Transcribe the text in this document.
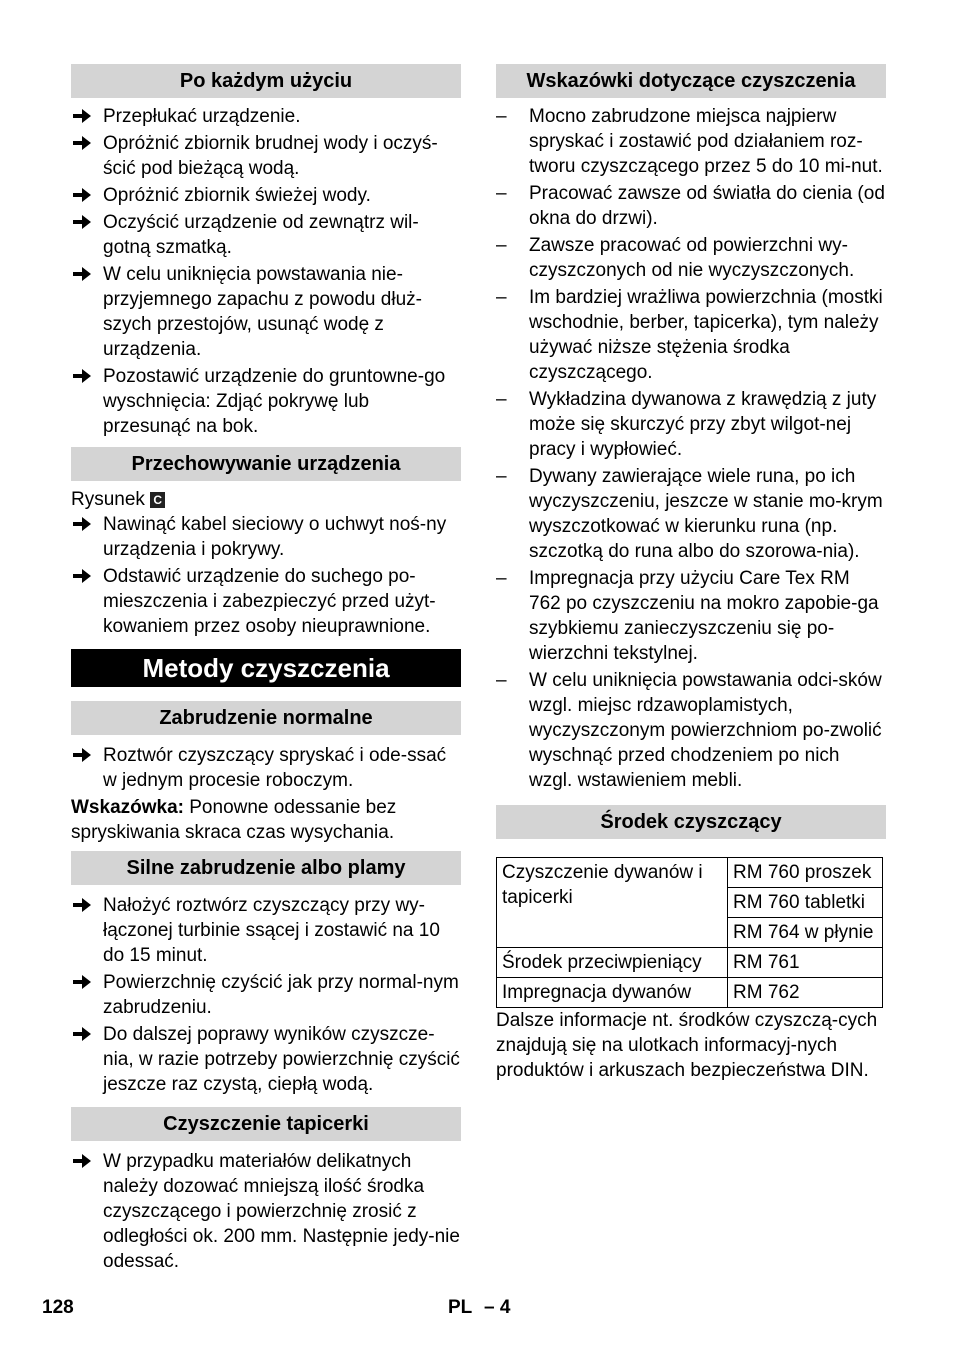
Po każdym użyciu
Przepłukać urządzenie.
Opróżnić zbiornik brudnej wody i oczyś-ścić pod bieżącą wodą.
Opróżnić zbiornik świeżej wody.
Oczyścić urządzenie od zewnątrz wil-gotną szmatką.
W celu uniknięcia powstawania nie-przyjemnego zapachu z powodu dłuż-szych przestojów, usunąć wodę z urządzenia.
Pozostawić urządzenie do gruntowne-go wyschnięcia: Zdjąć pokrywę lub przesunąć na bok.
Przechowywanie urządzenia
Rysunek C
Nawinąć kabel sieciowy o uchwyt noś-ny urządzenia i pokrywy.
Odstawić urządzenie do suchego po-mieszczenia i zabezpieczyć przed użyt-kowaniem przez osoby nieuprawnione.
Metody czyszczenia
Zabrudzenie normalne
Roztwór czyszczący spryskać i ode-ssać w jednym procesie roboczym.
Wskazówka: Ponowne odessanie bez spryskiwania skraca czas wysychania.
Silne zabrudzenie albo plamy
Nałożyć roztwórz czyszczący przy wy-łączonej turbinie ssącej i zostawić na 10 do 15 minut.
Powierzchnię czyścić jak przy normal-nym zabrudzeniu.
Do dalszej poprawy wyników czyszcze-nia, w razie potrzeby powierzchnię czyścić jeszcze raz czystą, ciepłą wodą.
Czyszczenie tapicerki
W przypadku materiałów delikatnych należy dozować mniejszą ilość środka czyszczącego i powierzchnię zrosić z odległości ok. 200 mm. Następnie jedy-nie odessać.
Wskazówki dotyczące czyszczenia
– Mocno zabrudzone miejsca najpierw spryskać i zostawić pod działaniem roz-tworu czyszczącego przez 5 do 10 mi-nut.
– Pracować zawsze od światła do cienia (od okna do drzwi).
– Zawsze pracować od powierzchni wy-czyszczonych od nie wyczyszczonych.
– Im bardziej wrażliwa powierzchnia (mostki wschodnie, berber, tapicerka), tym należy używać niższe stężenia środka czyszczącego.
– Wykładzina dywanowa z krawędzią z juty może się skurczyć przy zbyt wilgot-nej pracy i wypłowieć.
– Dywany zawierające wiele runa, po ich wyczyszczeniu, jeszcze w stanie mo-krym wyszczotkować w kierunku runa (np. szczotką do runa albo do szorowa-nia).
– Impregnacja przy użyciu Care Tex RM 762 po czyszczeniu na mokro zapobie-ga szybkiemu zanieczyszczeniu się po-wierzchni tekstylnej.
– W celu uniknięcia powstawania odci-sków wzgl. miejsc rdzawoplamistych, wyczyszczonym powierzchniom po-zwolić wyschnąć przed chodzeniem po nich wzgl. wstawieniem mebli.
Środek czyszczący
Czyszczenie dywanów i tapicerki	RM 760 proszek
	RM 760 tabletki
	RM 764 w płynie
Środek przeciwpieniący	RM 761
Impregnacja dywanów	RM 762
Dalsze informacje nt. środków czyszczą-cych znajdują się na ulotkach informacyj-nych produktów i arkuszach bezpieczeństwa DIN.
128	PL – 4
